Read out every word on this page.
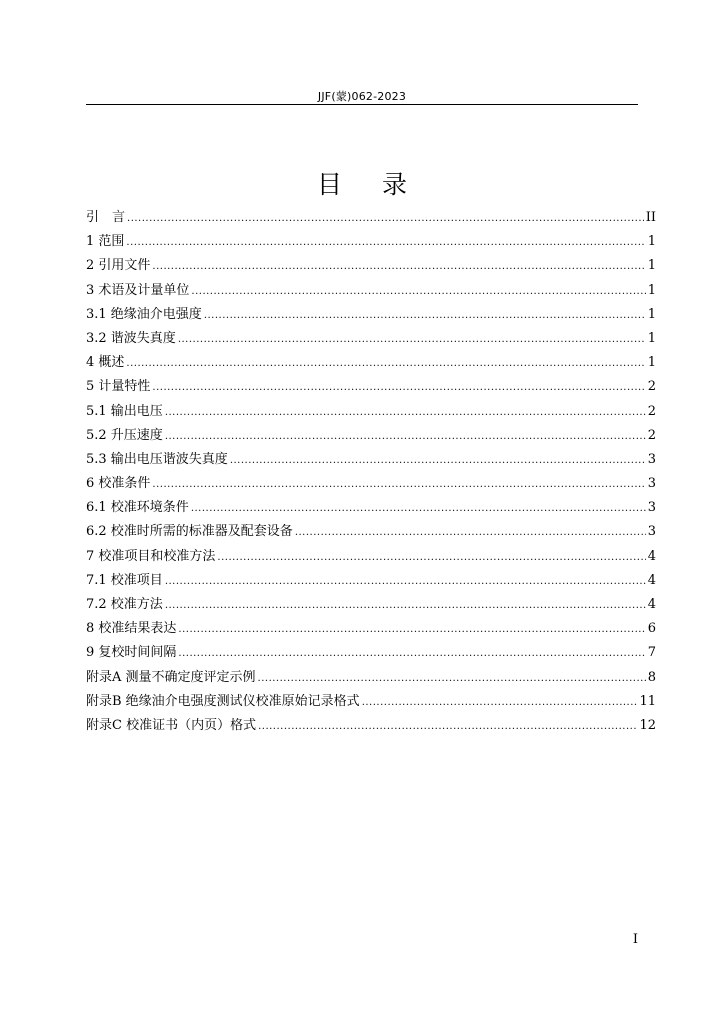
JJF(蒙)062-2023
目录
引　言 .....	II
1 范围 .....	1
2 引用文件 .....	1
3 术语及计量单位 .....	1
3.1 绝缘油介电强度 .....	1
3.2 谐波失真度 .....	1
4 概述 .....	1
5 计量特性 .....	2
5.1 输出电压 .....	2
5.2 升压速度 .....	2
5.3 输出电压谐波失真度 .....	3
6 校准条件 .....	3
6.1 校准环境条件 .....	3
6.2 校准时所需的标准器及配套设备 .....	3
7 校准项目和校准方法 .....	4
7.1 校准项目 .....	4
7.2 校准方法 .....	4
8 校准结果表达 .....	6
9 复校时间间隔 .....	7
附录A 测量不确定度评定示例 .....	8
附录B 绝缘油介电强度测试仪校准原始记录格式 .....	11
附录C 校准证书（内页）格式 .....	12
I
